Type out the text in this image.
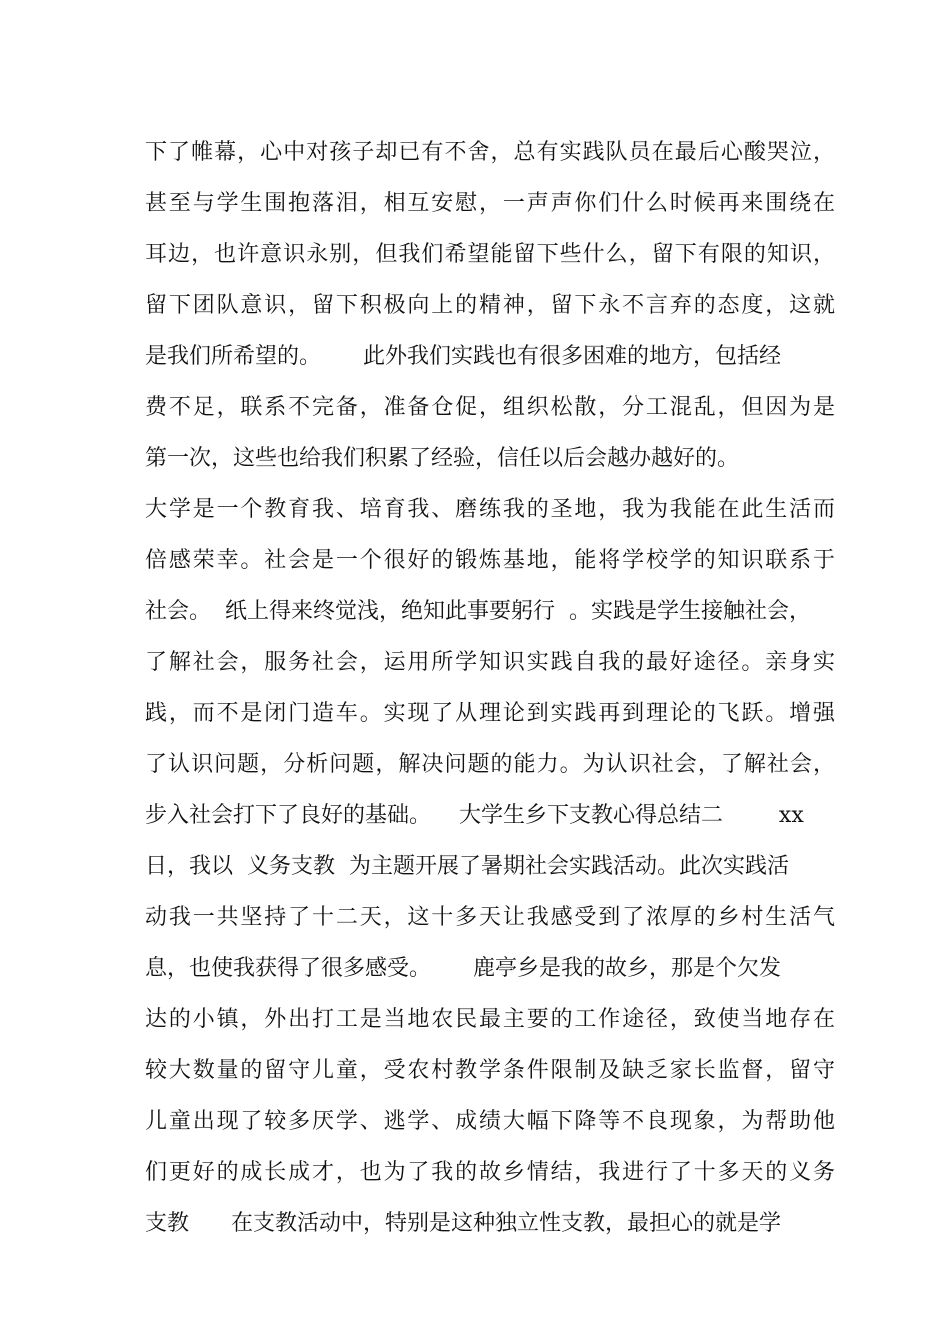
下了帷幕，心中对孩子却已有不舍，总有实践队员在最后心酸哭泣，
甚至与学生围抱落泪，相互安慰，一声声你们什么时候再来围绕在
耳边，也许意识永别，但我们希望能留下些什么，留下有限的知识，
留下团队意识，留下积极向上的精神，留下永不言弃的态度，这就
是我们所希望的。      此外我们实践也有很多困难的地方，包括经
费不足，联系不完备，准备仓促，组织松散，分工混乱，但因为是
第一次，这些也给我们积累了经验，信任以后会越办越好的。
大学是一个教育我、培育我、磨练我的圣地，我为我能在此生活而
倍感荣幸。社会是一个很好的锻炼基地，能将学校学的知识联系于
社会。  纸上得来终觉浅，绝知此事要躬行  。实践是学生接触社会，
了解社会，服务社会，运用所学知识实践自我的最好途径。亲身实
践，而不是闭门造车。实现了从理论到实践再到理论的飞跃。增强
了认识问题，分析问题，解决问题的能力。为认识社会，了解社会，
步入社会打下了良好的基础。    大学生乡下支教心得总结二        xx
日，我以  义务支教  为主题开展了暑期社会实践活动。此次实践活
动我一共坚持了十二天，这十多天让我感受到了浓厚的乡村生活气
息，也使我获得了很多感受。      鹿亭乡是我的故乡，那是个欠发
达的小镇，外出打工是当地农民最主要的工作途径，致使当地存在
较大数量的留守儿童，受农村教学条件限制及缺乏家长监督，留守
儿童出现了较多厌学、逃学、成绩大幅下降等不良现象，为帮助他
们更好的成长成才，也为了我的故乡情结，我进行了十多天的义务
支教      在支教活动中，特别是这种独立性支教，最担心的就是学
